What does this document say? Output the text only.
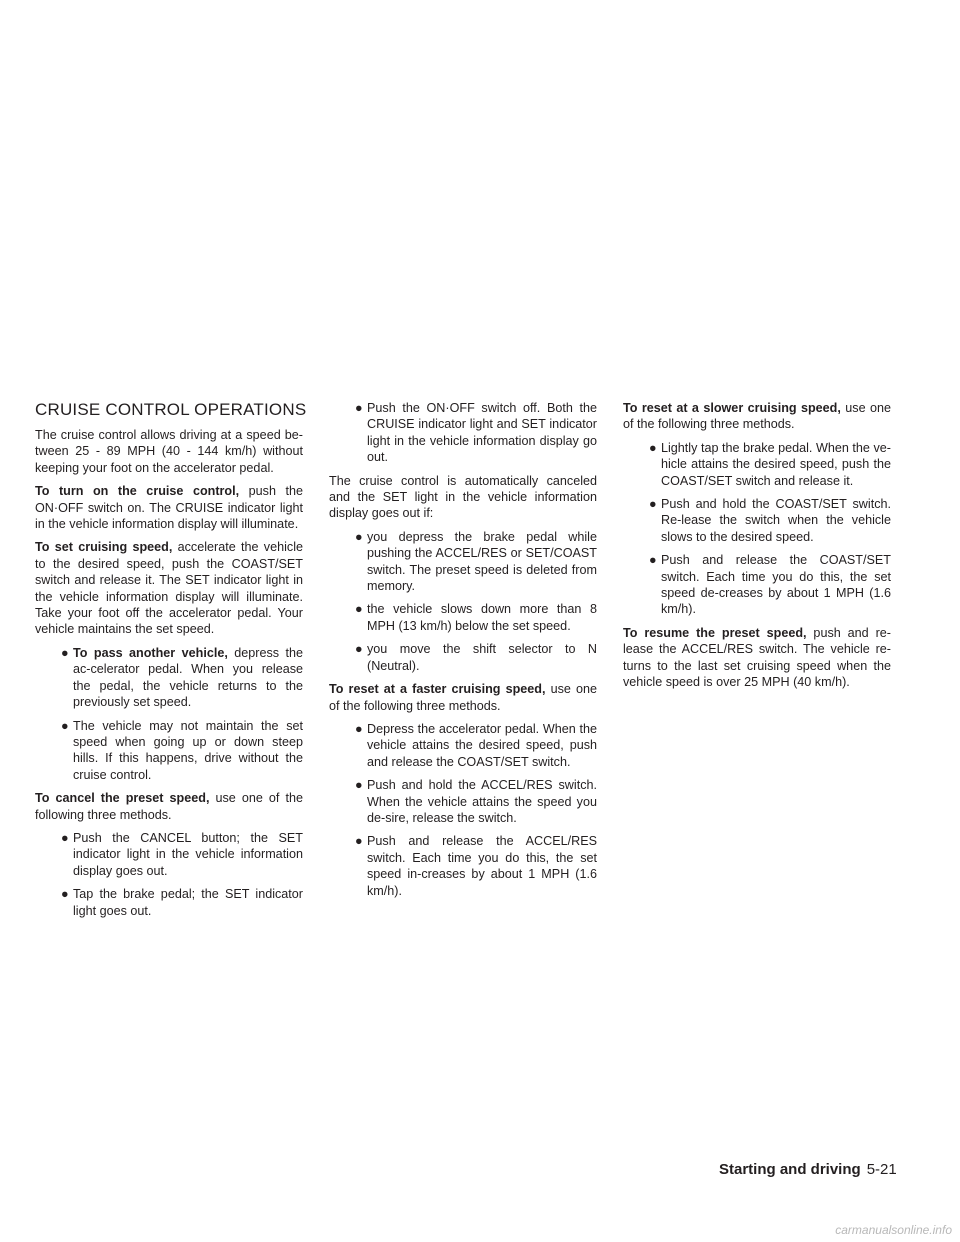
CRUISE CONTROL OPERATIONS

The cruise control allows driving at a speed be-tween 25 - 89 MPH (40 - 144 km/h) without keeping your foot on the accelerator pedal.

To turn on the cruise control, push the ON·OFF switch on. The CRUISE indicator light in the vehicle information display will illuminate.

To set cruising speed, accelerate the vehicle to the desired speed, push the COAST/SET switch and release it. The SET indicator light in the vehicle information display will illuminate. Take your foot off the accelerator pedal. Your vehicle maintains the set speed.

● To pass another vehicle, depress the ac-celerator pedal. When you release the pedal, the vehicle returns to the previously set speed.
● The vehicle may not maintain the set speed when going up or down steep hills. If this happens, drive without the cruise control.

To cancel the preset speed, use one of the following three methods.

● Push the CANCEL button; the SET indicator light in the vehicle information display goes out.
● Tap the brake pedal; the SET indicator light goes out.
● Push the ON·OFF switch off. Both the CRUISE indicator light and SET indicator light in the vehicle information display go out.

The cruise control is automatically canceled and the SET light in the vehicle information display goes out if:

● you depress the brake pedal while pushing the ACCEL/RES or SET/COAST switch. The preset speed is deleted from memory.
● the vehicle slows down more than 8 MPH (13 km/h) below the set speed.
● you move the shift selector to N (Neutral).

To reset at a faster cruising speed, use one of the following three methods.

● Depress the accelerator pedal. When the vehicle attains the desired speed, push and release the COAST/SET switch.
● Push and hold the ACCEL/RES switch. When the vehicle attains the speed you de-sire, release the switch.
● Push and release the ACCEL/RES switch. Each time you do this, the set speed in-creases by about 1 MPH (1.6 km/h).

To reset at a slower cruising speed, use one of the following three methods.

● Lightly tap the brake pedal. When the ve-hicle attains the desired speed, push the COAST/SET switch and release it.
● Push and hold the COAST/SET switch. Re-lease the switch when the vehicle slows to the desired speed.
● Push and release the COAST/SET switch. Each time you do this, the set speed de-creases by about 1 MPH (1.6 km/h).

To resume the preset speed, push and re-lease the ACCEL/RES switch. The vehicle re-turns to the last set cruising speed when the vehicle speed is over 25 MPH (40 km/h).

Starting and driving 5-21
carmanualsonline.info
